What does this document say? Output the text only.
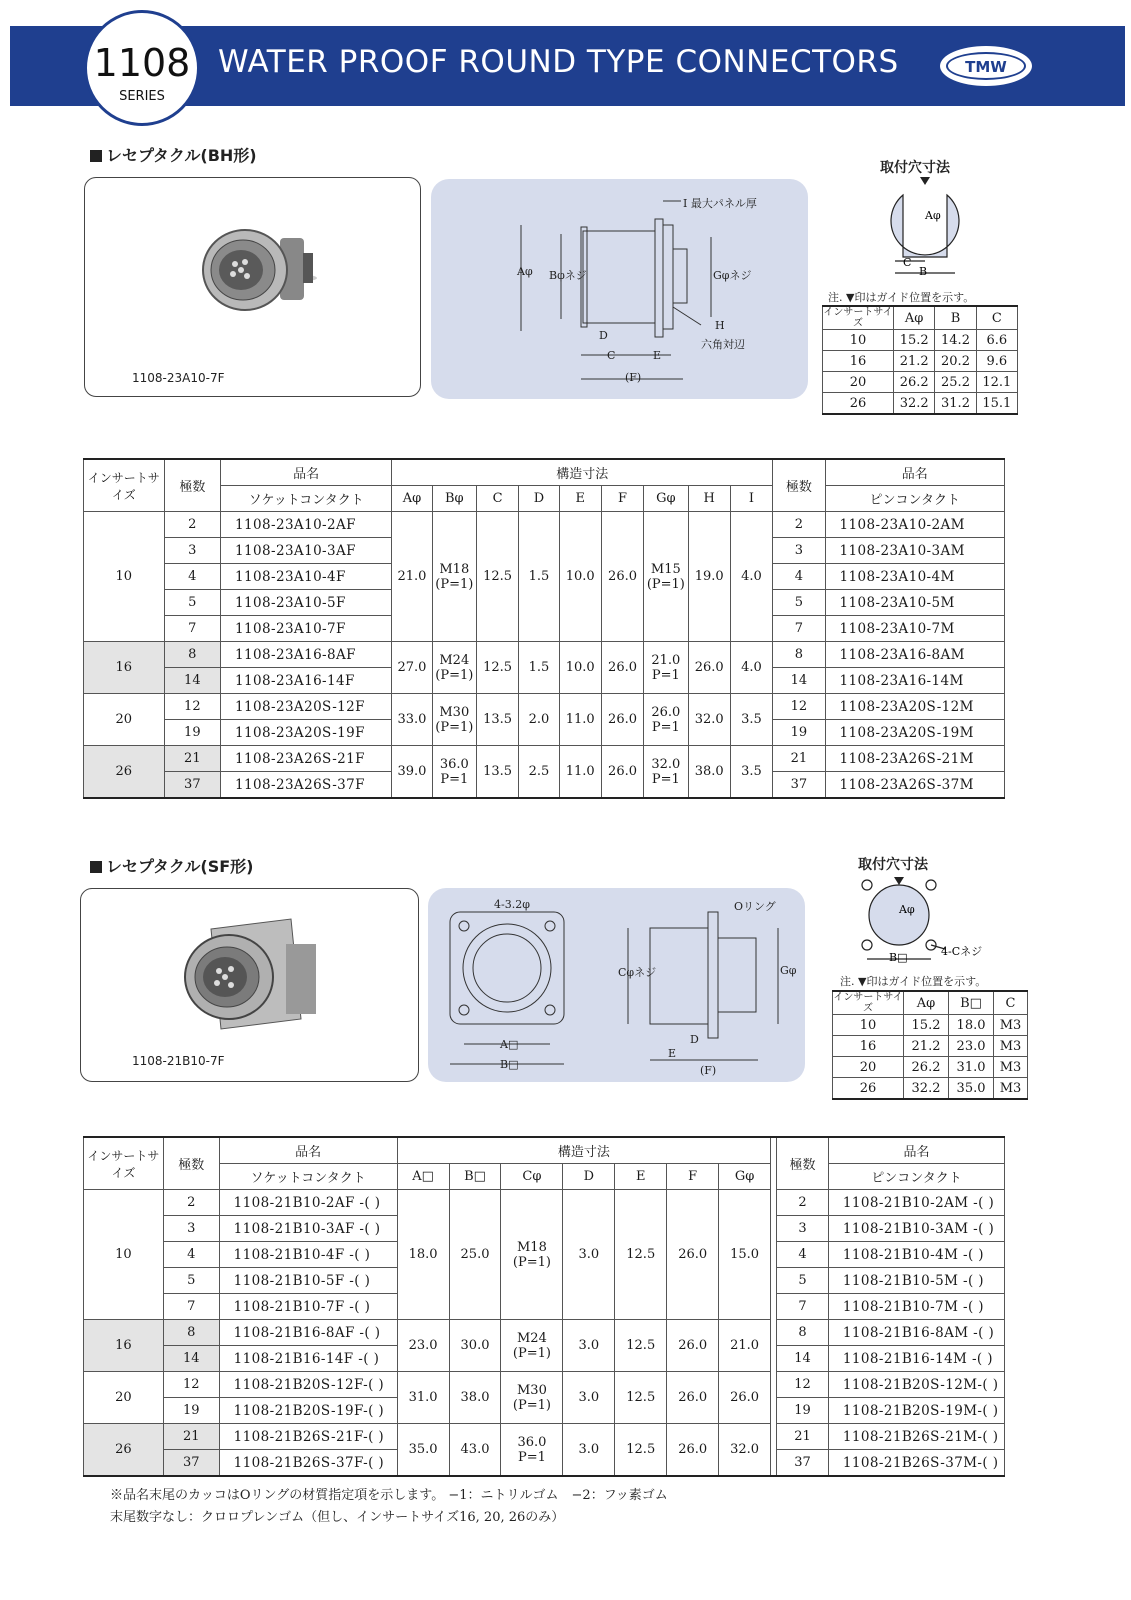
1108
SERIES
WATER PROOF ROUND TYPE CONNECTORS	TMW
レセプタクル(BH形)
1108-23A10-7F
I 最大パネル厚
Aφ Bφネジ	Gφネジ
D
C	E
(F)
H
六角対辺
取付穴寸法
Aφ
C
B
注. ▼印はガイド位置を示す。
インサートサイズ	Aφ	B	C
10	15.2	14.2	6.6
16	21.2	20.2	9.6
20	26.2	25.2	12.1
26	32.2	31.2	15.1
インサートサイズ	極数	品名	構造寸法									極数	品名
		ソケットコンタクト	Aφ	Bφ	C	D	E	F	Gφ	H	I		ピンコンタクト
10	2	1108-23A10-2AF	21.0	M18 (P=1)	12.5	1.5	10.0	26.0	M15 (P=1)	19.0	4.0	2	1108-23A10-2AM
	3	1108-23A10-3AF										3	1108-23A10-3AM
	4	1108-23A10-4F										4	1108-23A10-4M
	5	1108-23A10-5F										5	1108-23A10-5M
	7	1108-23A10-7F										7	1108-23A10-7M
16	8	1108-23A16-8AF	27.0	M24 (P=1)	12.5	1.5	10.0	26.0	21.0 P=1	26.0	4.0	8	1108-23A16-8AM
	14	1108-23A16-14F										14	1108-23A16-14M
20	12	1108-23A20S-12F	33.0	M30 (P=1)	13.5	2.0	11.0	26.0	26.0 P=1	32.0	3.5	12	1108-23A20S-12M
	19	1108-23A20S-19F										19	1108-23A20S-19M
26	21	1108-23A26S-21F	39.0	36.0 P=1	13.5	2.5	11.0	26.0	32.0 P=1	38.0	3.5	21	1108-23A26S-21M
	37	1108-23A26S-37F										37	1108-23A26S-37M
レセプタクル(SF形)
1108-21B10-7F
4-3.2φ	Oリング
Cφネジ	Gφ
A□
B□
D
E
(F)
取付穴寸法
Aφ
B□	4-Cネジ
注. ▼印はガイド位置を示す。
インサートサイズ	Aφ	B□	C
10	15.2	18.0	M3
16	21.2	23.0	M3
20	26.2	31.0	M3
26	32.2	35.0	M3
インサートサイズ	極数	品名	構造寸法								極数	品名
		ソケットコンタクト	A□	B□	Cφ	D	E	F	Gφ			ピンコンタクト
10	2	1108-21B10-2AF -( )	18.0	25.0	M18 (P=1)	3.0	12.5	26.0	15.0		2	1108-21B10-2AM -( )
	3	1108-21B10-3AF -( )									3	1108-21B10-3AM -( )
	4	1108-21B10-4F -( )									4	1108-21B10-4M -( )
	5	1108-21B10-5F -( )									5	1108-21B10-5M -( )
	7	1108-21B10-7F -( )									7	1108-21B10-7M -( )
16	8	1108-21B16-8AF -( )	23.0	30.0	M24 (P=1)	3.0	12.5	26.0	21.0		8	1108-21B16-8AM -( )
	14	1108-21B16-14F -( )									14	1108-21B16-14M -( )
20	12	1108-21B20S-12F-( )	31.0	38.0	M30 (P=1)	3.0	12.5	26.0	26.0		12	1108-21B20S-12M-( )
	19	1108-21B20S-19F-( )									19	1108-21B20S-19M-( )
26	21	1108-21B26S-21F-( )	35.0	43.0	36.0 P=1	3.0	12.5	26.0	32.0		21	1108-21B26S-21M-( )
	37	1108-21B26S-37F-( )									37	1108-21B26S-37M-( )
※品名末尾のカッコはOリングの材質指定項を示します。 −1：ニトリルゴム　−2：フッ素ゴム
末尾数字なし：クロロプレンゴム（但し、インサートサイズ16, 20, 26のみ）
